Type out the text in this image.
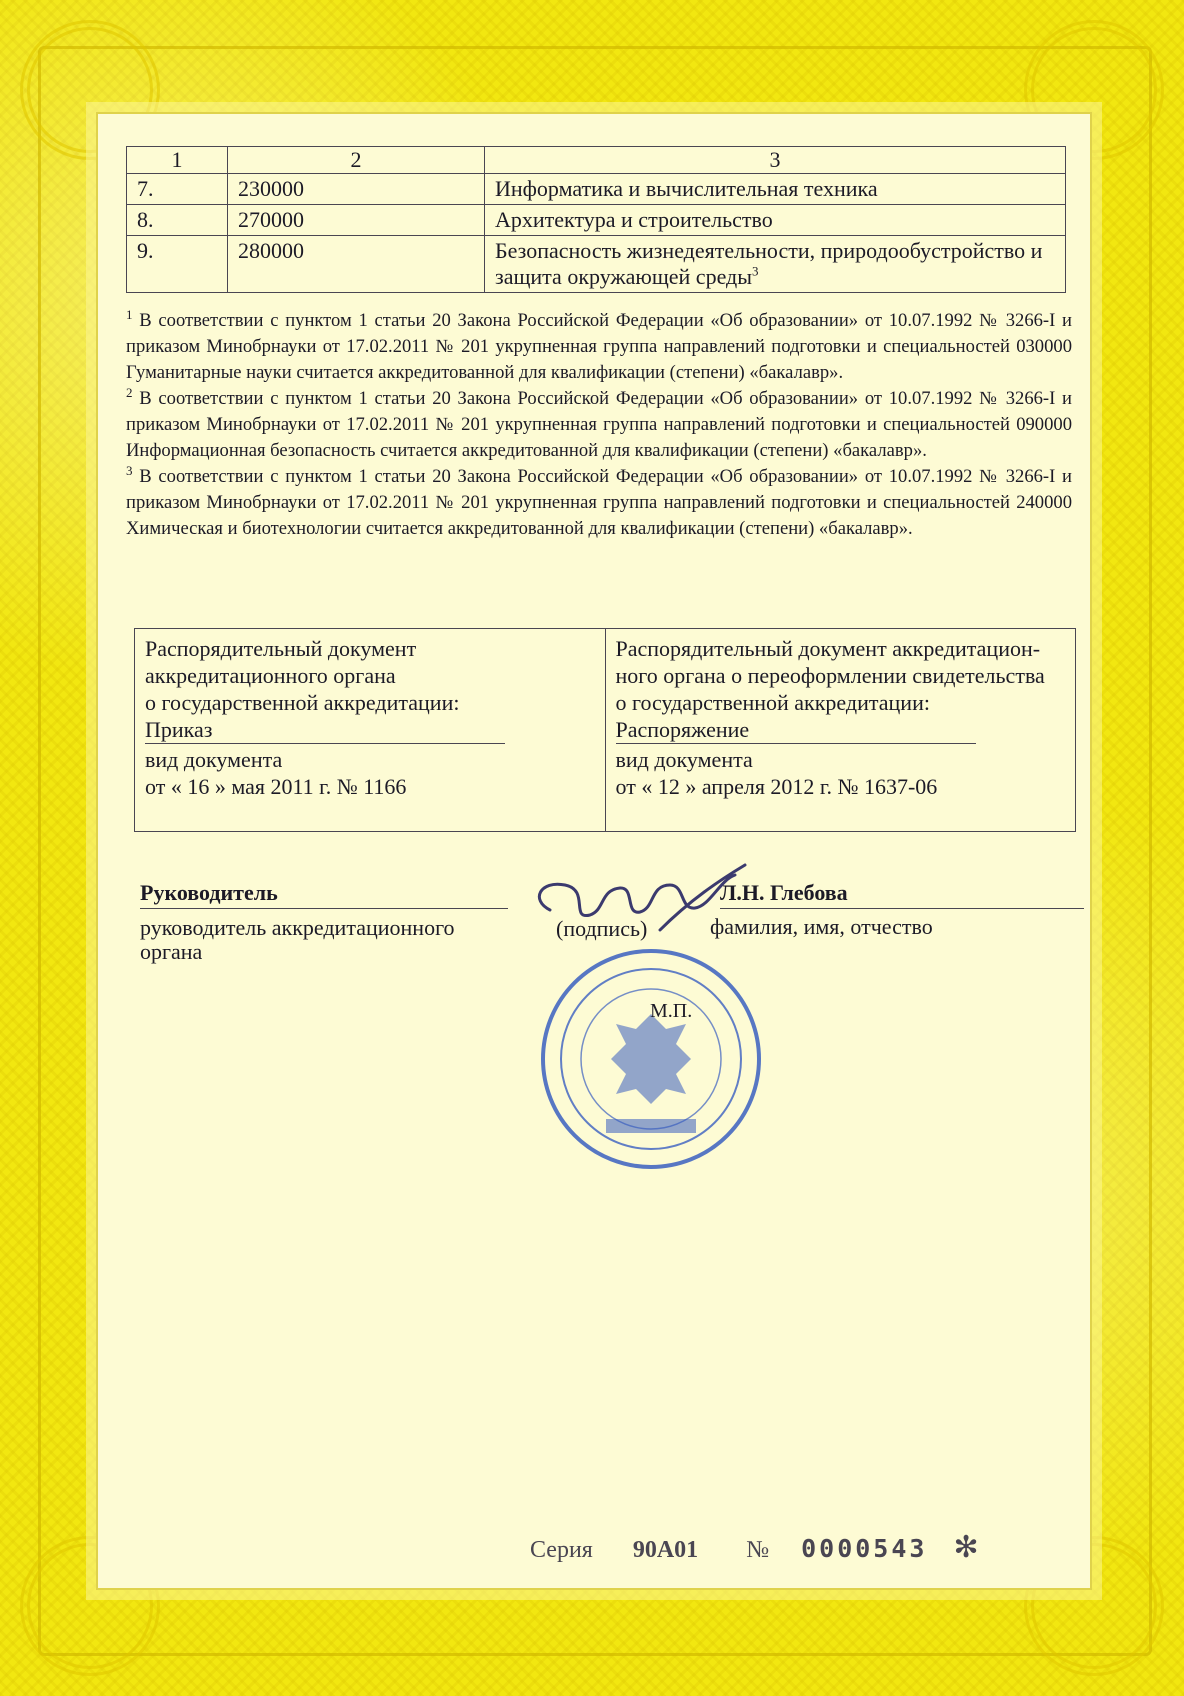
1	2	3
7.	230000	Информатика и вычислительная техника
8.	270000	Архитектура и строительство
9.	280000	Безопасность жизнедеятельности, природообустройство и защита окружающей среды$^3$

$^1$ В соответствии с пунктом 1 статьи 20 Закона Российской Федерации «Об образовании» от 10.07.1992 № 3266-I и приказом Минобрнауки от 17.02.2011 № 201 укрупненная группа направлений подготовки и специальностей 030000 Гуманитарные науки считается аккредитованной для квалификации (степени) «бакалавр».

$^2$ В соответствии с пунктом 1 статьи 20 Закона Российской Федерации «Об образовании» от 10.07.1992 № 3266-I и приказом Минобрнауки от 17.02.2011 № 201 укрупненная группа направлений подготовки и специальностей 090000 Информационная безопасность считается аккредитованной для квалификации (степени) «бакалавр».

$^3$ В соответствии с пунктом 1 статьи 20 Закона Российской Федерации «Об образовании» от 10.07.1992 № 3266-I и приказом Минобрнауки от 17.02.2011 № 201 укрупненная группа направлений подготовки и специальностей 240000 Химическая и биотехнологии считается аккредитованной для квалификации (степени) «бакалавр».

Распорядительный документ
аккредитационного органа
о государственной аккредитации:
Приказ
вид документа
от « 16 » мая 2011 г. № 1166
Распорядительный документ аккредитацион-
ного органа о переоформлении свидетельства
о государственной аккредитации:
Распоряжение
вид документа
от « 12 » апреля 2012 г. № 1637-06
Руководитель
руководитель аккредитационного органа
(подпись)
Л.Н. Глебова
фамилия, имя, отчество
М.П.
Серия 90А01 № 0000543 ✻
